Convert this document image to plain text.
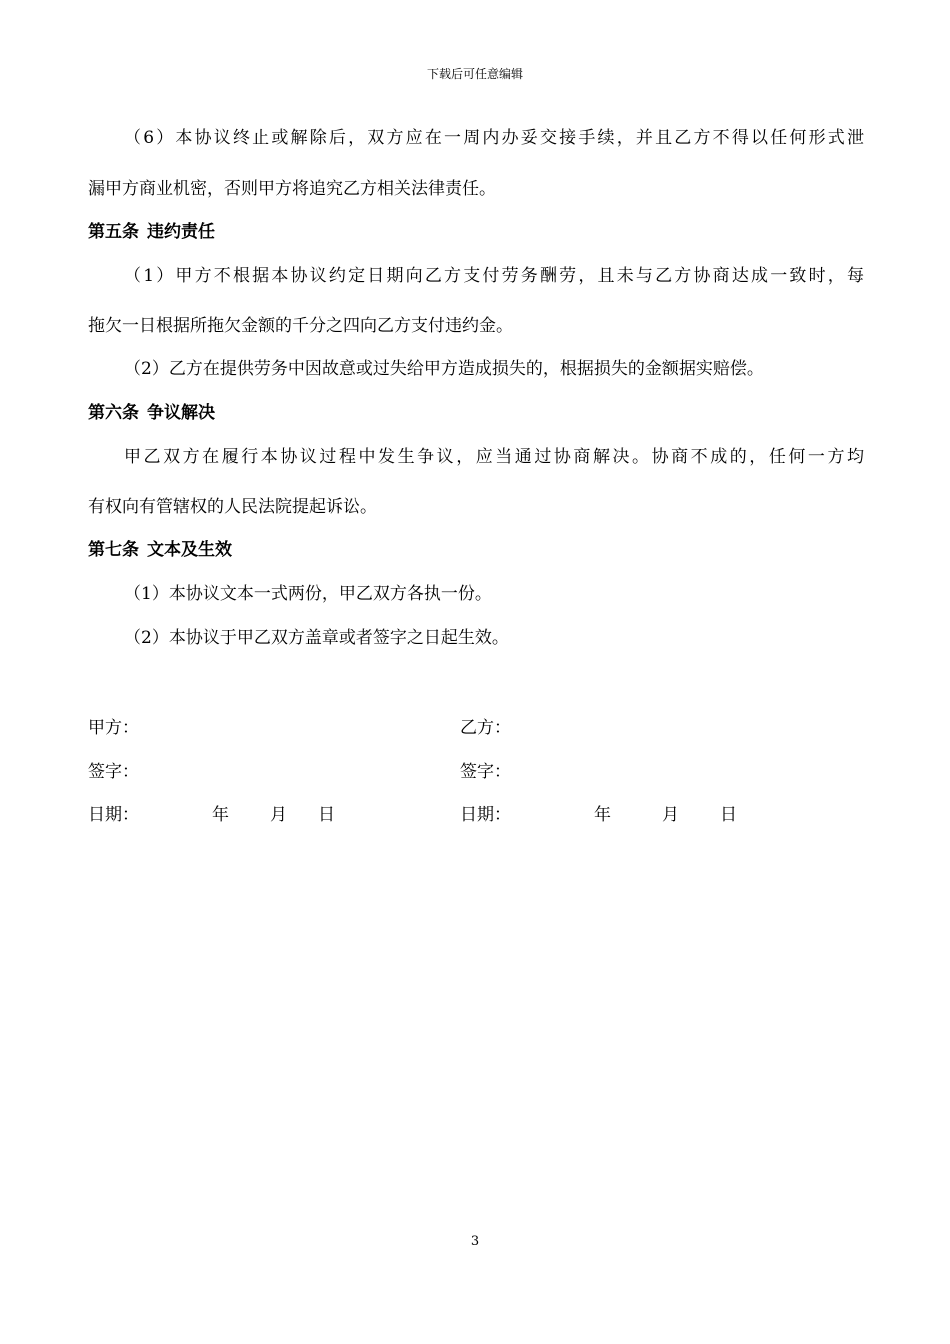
下载后可任意编辑
（6）本协议终止或解除后，双方应在一周内办妥交接手续，并且乙方不得以任何形式泄
漏甲方商业机密，否则甲方将追究乙方相关法律责任。
第五条 违约责任
（1）甲方不根据本协议约定日期向乙方支付劳务酬劳，且未与乙方协商达成一致时，每
拖欠一日根据所拖欠金额的千分之四向乙方支付违约金。
（2）乙方在提供劳务中因故意或过失给甲方造成损失的，根据损失的金额据实赔偿。
第六条 争议解决
甲乙双方在履行本协议过程中发生争议，应当通过协商解决。协商不成的，任何一方均
有权向有管辖权的人民法院提起诉讼。
第七条 文本及生效
（1）本协议文本一式两份，甲乙双方各执一份。
（2）本协议于甲乙双方盖章或者签字之日起生效。
甲方：	乙方：
签字：	签字：
日期：	年 月 日	日期：	年	月 日
3
